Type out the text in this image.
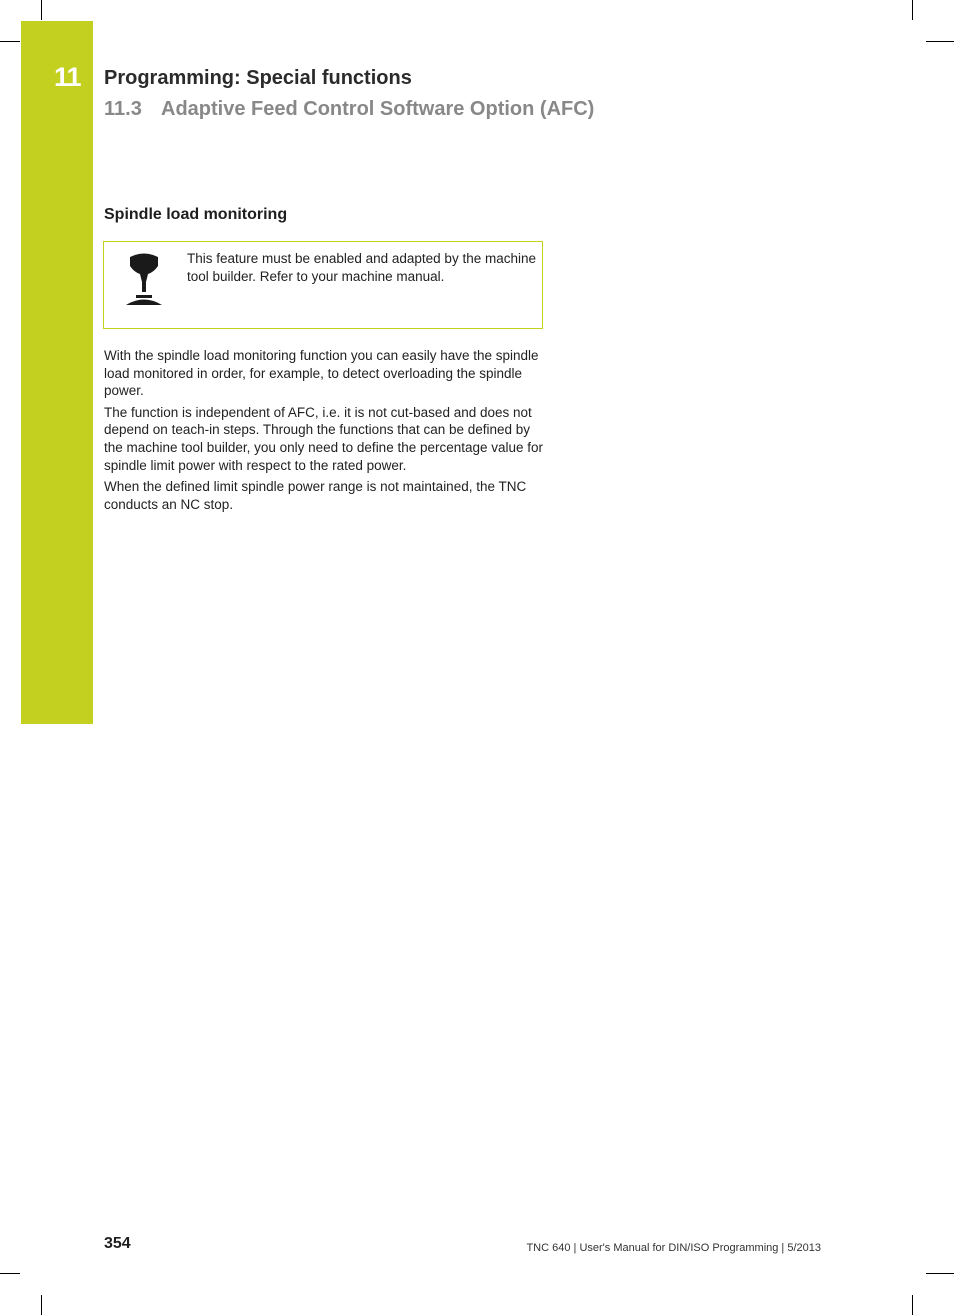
11 Programming: Special functions
11.3 Adaptive Feed Control Software Option (AFC)
Spindle load monitoring
This feature must be enabled and adapted by the machine tool builder. Refer to your machine manual.

With the spindle load monitoring function you can easily have the spindle load monitored in order, for example, to detect overloading the spindle power.

The function is independent of AFC, i.e. it is not cut-based and does not depend on teach-in steps. Through the functions that can be defined by the machine tool builder, you only need to define the percentage value for spindle limit power with respect to the rated power.

When the defined limit spindle power range is not maintained, the TNC conducts an NC stop.

354	TNC 640 | User's Manual for DIN/ISO Programming | 5/2013
